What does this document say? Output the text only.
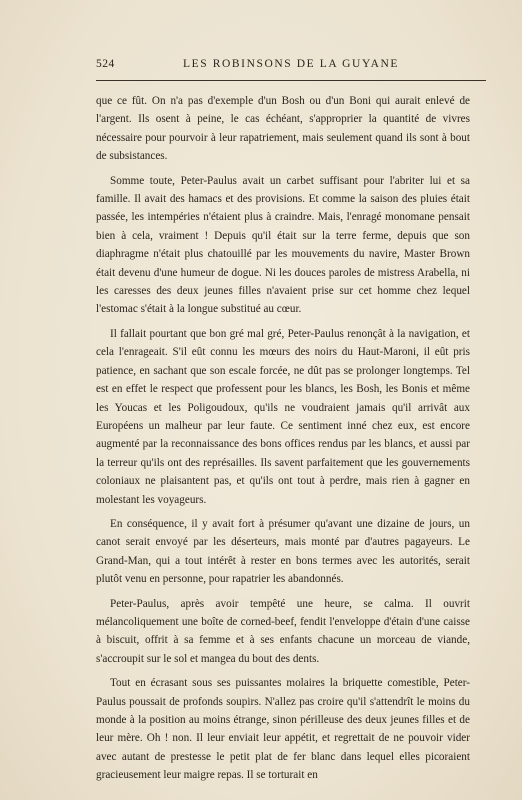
524	LES ROBINSONS DE LA GUYANE

que ce fût. On n'a pas d'exemple d'un Bosh ou d'un Boni qui aurait enlevé de l'argent. Ils osent à peine, le cas échéant, s'approprier la quantité de vivres nécessaire pour pourvoir à leur rapatriement, mais seulement quand ils sont à bout de subsistances.

Somme toute, Peter-Paulus avait un carbet suffisant pour l'abriter lui et sa famille. Il avait des hamacs et des provisions. Et comme la saison des pluies était passée, les intempéries n'étaient plus à craindre. Mais, l'enragé monomane pensait bien à cela, vraiment ! Depuis qu'il était sur la terre ferme, depuis que son diaphragme n'était plus chatouillé par les mouvements du navire, Master Brown était devenu d'une humeur de dogue. Ni les douces paroles de mistress Arabella, ni les caresses des deux jeunes filles n'avaient prise sur cet homme chez lequel l'estomac s'était à la longue substitué au cœur.

Il fallait pourtant que bon gré mal gré, Peter-Paulus renonçât à la navigation, et cela l'enrageait. S'il eût connu les mœurs des noirs du Haut-Maroni, il eût pris patience, en sachant que son escale forcée, ne dût pas se prolonger longtemps. Tel est en effet le respect que professent pour les blancs, les Bosh, les Bonis et même les Youcas et les Poligoudoux, qu'ils ne voudraient jamais qu'il arrivât aux Européens un malheur par leur faute. Ce sentiment inné chez eux, est encore augmenté par la reconnaissance des bons offices rendus par les blancs, et aussi par la terreur qu'ils ont des représailles. Ils savent parfaitement que les gouvernements coloniaux ne plaisantent pas, et qu'ils ont tout à perdre, mais rien à gagner en molestant les voyageurs.

En conséquence, il y avait fort à présumer qu'avant une dizaine de jours, un canot serait envoyé par les déserteurs, mais monté par d'autres pagayeurs. Le Grand-Man, qui a tout intérêt à rester en bons termes avec les autorités, serait plutôt venu en personne, pour rapatrier les abandonnés.

Peter-Paulus, après avoir tempêté une heure, se calma. Il ouvrit mélancoliquement une boîte de corned-beef, fendit l'enveloppe d'étain d'une caisse à biscuit, offrit à sa femme et à ses enfants chacune un morceau de viande, s'accroupit sur le sol et mangea du bout des dents.

Tout en écrasant sous ses puissantes molaires la briquette comestible, Peter-Paulus poussait de profonds soupirs. N'allez pas croire qu'il s'attendrît le moins du monde à la position au moins étrange, sinon périlleuse des deux jeunes filles et de leur mère. Oh ! non. Il leur enviait leur appétit, et regrettait de ne pouvoir vider avec autant de prestesse le petit plat de fer blanc dans lequel elles picoraient gracieusement leur maigre repas. Il se torturait en
